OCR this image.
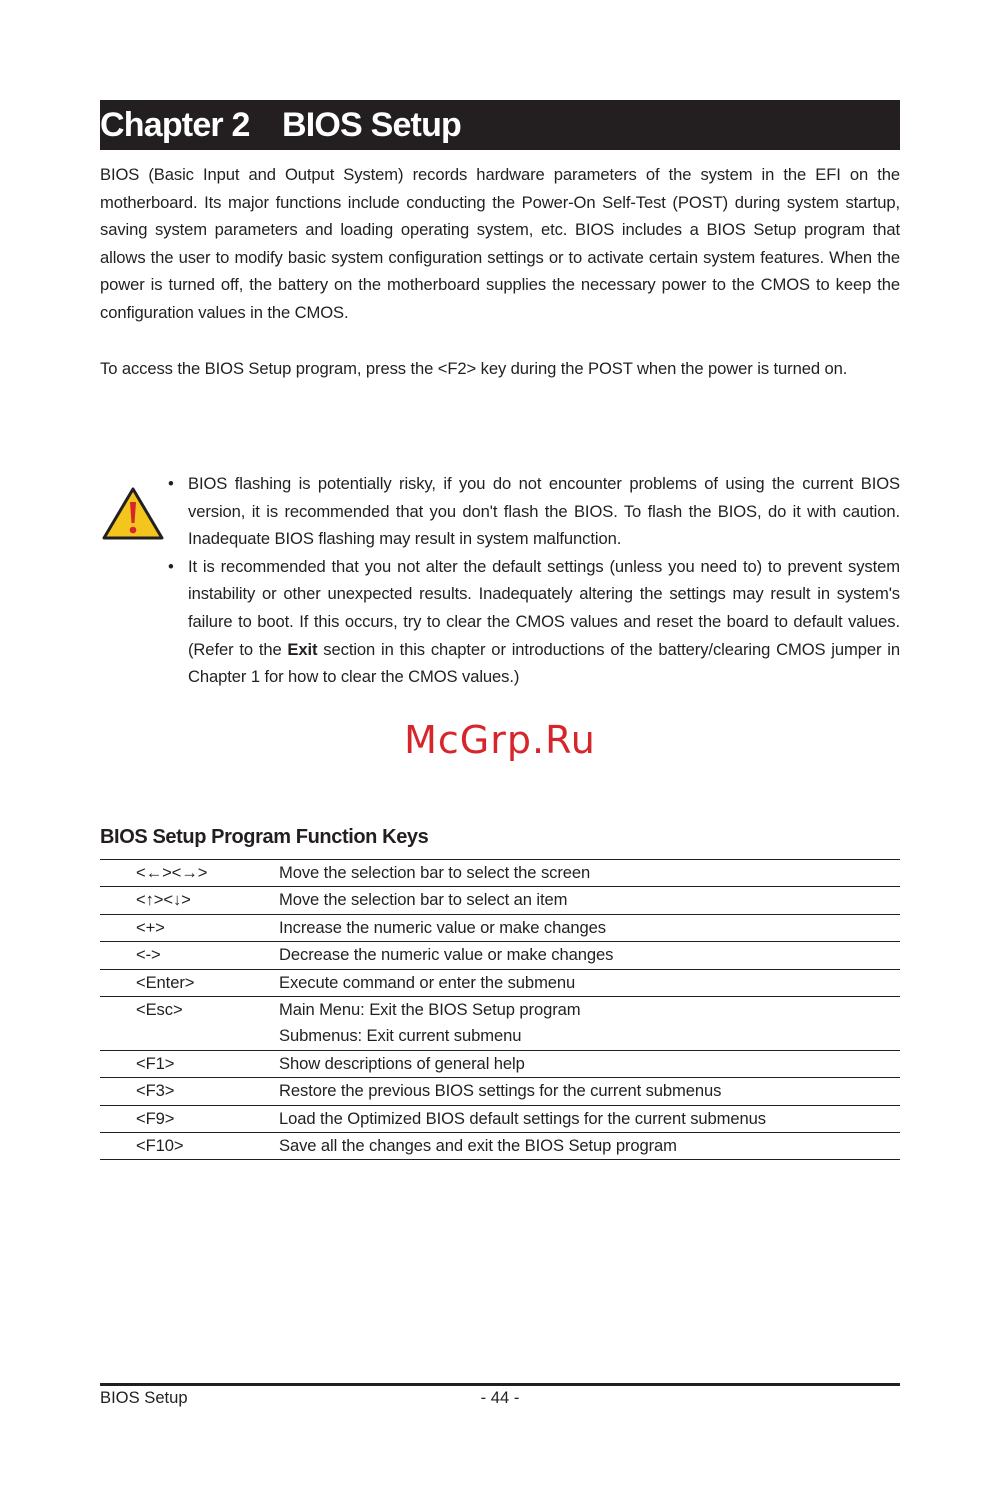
Chapter 2 BIOS Setup

BIOS (Basic Input and Output System) records hardware parameters of the system in the EFI on the motherboard. Its major functions include conducting the Power-On Self-Test (POST) during system startup, saving system parameters and loading operating system, etc. BIOS includes a BIOS Setup program that allows the user to modify basic system configuration settings or to activate certain system features. When the power is turned off, the battery on the motherboard supplies the necessary power to the CMOS to keep the configuration values in the CMOS.

To access the BIOS Setup program, press the <F2> key during the POST when the power is turned on.

• BIOS flashing is potentially risky, if you do not encounter problems of using the current BIOS version, it is recommended that you don't flash the BIOS. To flash the BIOS, do it with caution. Inadequate BIOS flashing may result in system malfunction.
• It is recommended that you not alter the default settings (unless you need to) to prevent system instability or other unexpected results. Inadequately altering the settings may result in system's failure to boot. If this occurs, try to clear the CMOS values and reset the board to default values. (Refer to the Exit section in this chapter or introductions of the battery/clearing CMOS jumper in Chapter 1 for how to clear the CMOS values.)
McGrp.Ru
BIOS Setup Program Function Keys
<←><→>	Move the selection bar to select the screen

<↑><↓>	Move the selection bar to select an item

<+>	Increase the numeric value or make changes

<->	Decrease the numeric value or make changes

<Enter>	Execute command or enter the submenu

<Esc>	Main Menu: Exit the BIOS Setup program
Submenus: Exit current submenu

<F1>	Show descriptions of general help

<F3>	Restore the previous BIOS settings for the current submenus

<F9>	Load the Optimized BIOS default settings for the current submenus

<F10>	Save all the changes and exit the BIOS Setup program
BIOS Setup	- 44 -
